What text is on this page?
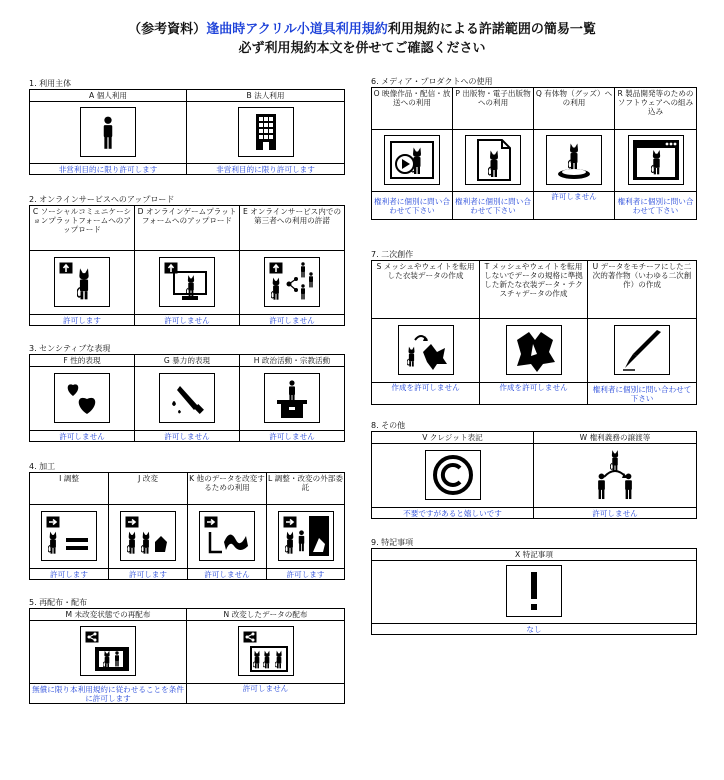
（参考資料）逢曲時アクリル小道具利用規約利用規約による許諾範囲の簡易一覧
必ず利用規約本文を併せてご確認ください
1. 利用主体
A 個人利用	B 法人利用

非営利目的に限り許可します	非営利目的に限り許可します
2. オンラインサービスへのアップロード
C ソーシャルコミュニケーションプラットフォームへのアップロード	D オンラインゲームプラットフォームへのアップロード	E オンラインサービス内での第三者への利用の許諾

許可します	許可しません	許可しません
3. センシティブな表現
F 性的表現	G 暴力的表現	H 政治活動・宗教活動

許可しません	許可しません	許可しません
4. 加工
I 調整	J 改変	K 他のデータを改変するための利用	L 調整・改変の外部委託

許可します	許可します	許可しません	許可します
5. 再配布・配布
M 未改変状態での再配布	N 改変したデータの配布

無償に限り本利用規約に従わせることを条件に許可します	許可しません
6. メディア・プロダクトへの使用
O 映像作品・配信・放送への利用	P 出版物・電子出版物への利用	Q 有体物（グッズ）への利用	R 製品開発等のためのソフトウェアへの組み込み

権利者に個別に問い合わせて下さい	権利者に個別に問い合わせて下さい	許可しません	権利者に個別に問い合わせて下さい
7. 二次創作
S メッシュやウェイトを転用した衣装データの作成	T メッシュやウェイトを転用しないでデータの規格に準拠した新たな衣装データ・テクスチャデータの作成	U データをモチーフにした二次的著作物（いわゆる二次創作）の作成

作成を許可しません	作成を許可しません	権利者に個別に問い合わせて下さい
8. その他
V クレジット表記	W 権利義務の譲渡等

不要ですがあると嬉しいです	許可しません
9. 特記事項
X 特記事項

なし
